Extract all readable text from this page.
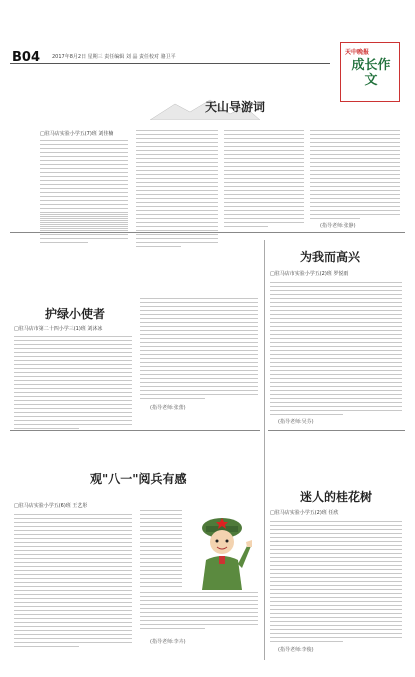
B04 2017年8月2日 星期三 责任编辑 刘 晶 责任校对 骆卫平
天中晚报
成长作文
天山导游词
□驻马店实验小学五(7)班 刘佳楠
(指导老师:张静)
为我而高兴
□驻马店市实验小学五(2)班 罗悦雨
(指导老师:吴芬)
护绿小使者
□驻马店市第二十四小学三(1)班 刘沐冰
(指导老师:张蕾)
观"八一"阅兵有感
□驻马店实验小学五(6)班 王艺彤
(指导老师:李卉)
迷人的桂花树
□驻马店实验小学五(2)班 任欣
(指导老师:李俊)
